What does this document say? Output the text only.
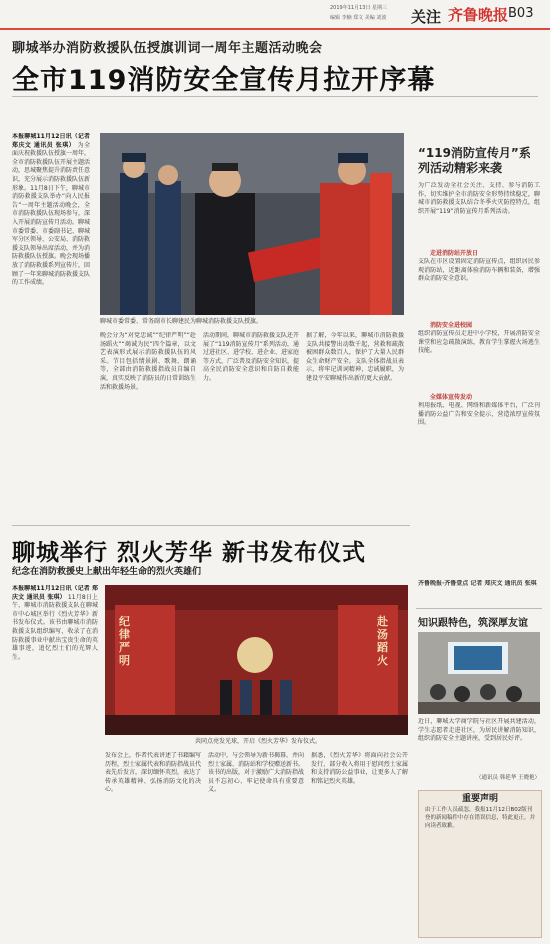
2019年11月13日 星期三
编辑 李楠 郑文 美编 刘波 关注 齐鲁晚报 B03
聊城举办消防救援队伍授旗训词一周年主题活动晚会
全市119消防安全宣传月拉开序幕
本报聊城11月12日讯（记者 郑庆文 通讯员 张琪） 为全面庆祝救援队伍授旗一周年，全市消防救援队伍开展主题活动，思城聚焦提升消防责任意识，充分展示消防救援队伍新形象。11月8日下午，聊城市消防救援支队举办“向人民报告”一周年主题活动晚会，全市消防救援队伍现场参与，深入开展消防宣传月活动。聊城市委常委、市委副书记、聊城军分区领导、公安局、消防救援支队领导出席活动，并为消防救援队伍授旗。晚会现场播放了消防救援系列宣传片，回顾了一年来聊城消防救援支队的工作成绩。
聊城市委常委、常务副市长聊建民为聊城消防救援支队授旗。
晚会分为“对党忠诚”“纪律严明”“赴汤蹈火”“竭诚为民”四个篇章，以文艺表演形式展示消防救援队伍的风采。节目包括情景剧、歌舞、朗诵等，全部由消防救援指战员自编自演，真实反映了消防员的日常训练生活和救援场景。
活动期间，聊城市消防救援支队还开展了“119消防宣传月”系列活动，通过进社区、进学校、进企业、进家庭等方式，广泛普及消防安全知识，提高全民消防安全意识和自防自救能力。
据了解，今年以来，聊城市消防救援支队共接警出动数千起，营救和疏散被困群众数百人，保护了大量人民群众生命财产安全。支队全体指战员表示，将牢记训词精神，忠诚履职，为建设平安聊城作出新的更大贡献。
“119消防宣传月”系列活动精彩来袭
为广泛发动全社会关注、支持、参与消防工作，切实维护全市消防安全形势持续稳定，聊城市消防救援支队结合冬季火灾防控特点，组织开展“119”消防宣传月系列活动。
走进消防站开放日
支队在市区设置固定消防宣传点，组织居民参观消防站，近距离体验消防车辆和装备，增强群众消防安全意识。
消防安全进校园
组织消防宣传员走进中小学校，开展消防安全课堂和应急疏散演练，教育学生掌握火场逃生技能。
全媒体宣传发动
利用报纸、电视、网络和新媒体平台，广泛刊播消防公益广告和安全提示，营造浓厚宣传氛围。
齐鲁晚报·齐鲁壹点 记者 郑庆文 通讯员 张琪
聊城举行 烈火芳华 新书发布仪式
纪念在消防救援史上献出年轻生命的烈火英雄们
本报聊城11月12日讯（记者 郑庆文 通讯员 张琪） 11月8日上午，聊城市消防救援支队在聊城市中心城区举行《烈火芳华》新书发布仪式。该书由聊城市消防救援支队组织编写，收录了在消防救援事业中献出宝贵生命的英雄事迹，追忆烈士们的光辉人生。
纪律严明
赴汤蹈火
共同点亮发光球，开启《烈火芳华》发布仪式。
发布会上，作者代表讲述了书籍编写历程，烈士家属代表和消防指战员代表先后发言，深切缅怀英烈，表达了传承英雄精神、弘扬消防文化的决心。
活动中，与会领导为新书揭幕，并向烈士家属、消防站和学校赠送新书。该书的出版，对于激励广大消防指战员不忘初心、牢记使命具有重要意义。
据悉，《烈火芳华》将面向社会公开发行，部分收入将用于慰问烈士家属和支持消防公益事业，让更多人了解和铭记烈火英雄。
知识跟特色，筑深厚友谊
近日，聊城大学商学院与社区开展共建活动，学生志愿者走进社区，为居民讲解消防知识，组织消防安全主题讲座，受到居民好评。
（通讯员 韩延华 王晓艳）
重要声明

由于工作人员疏忽，我报11月12日B02版刊登的新闻稿件中存在错误信息，特此更正，并向读者致歉。
